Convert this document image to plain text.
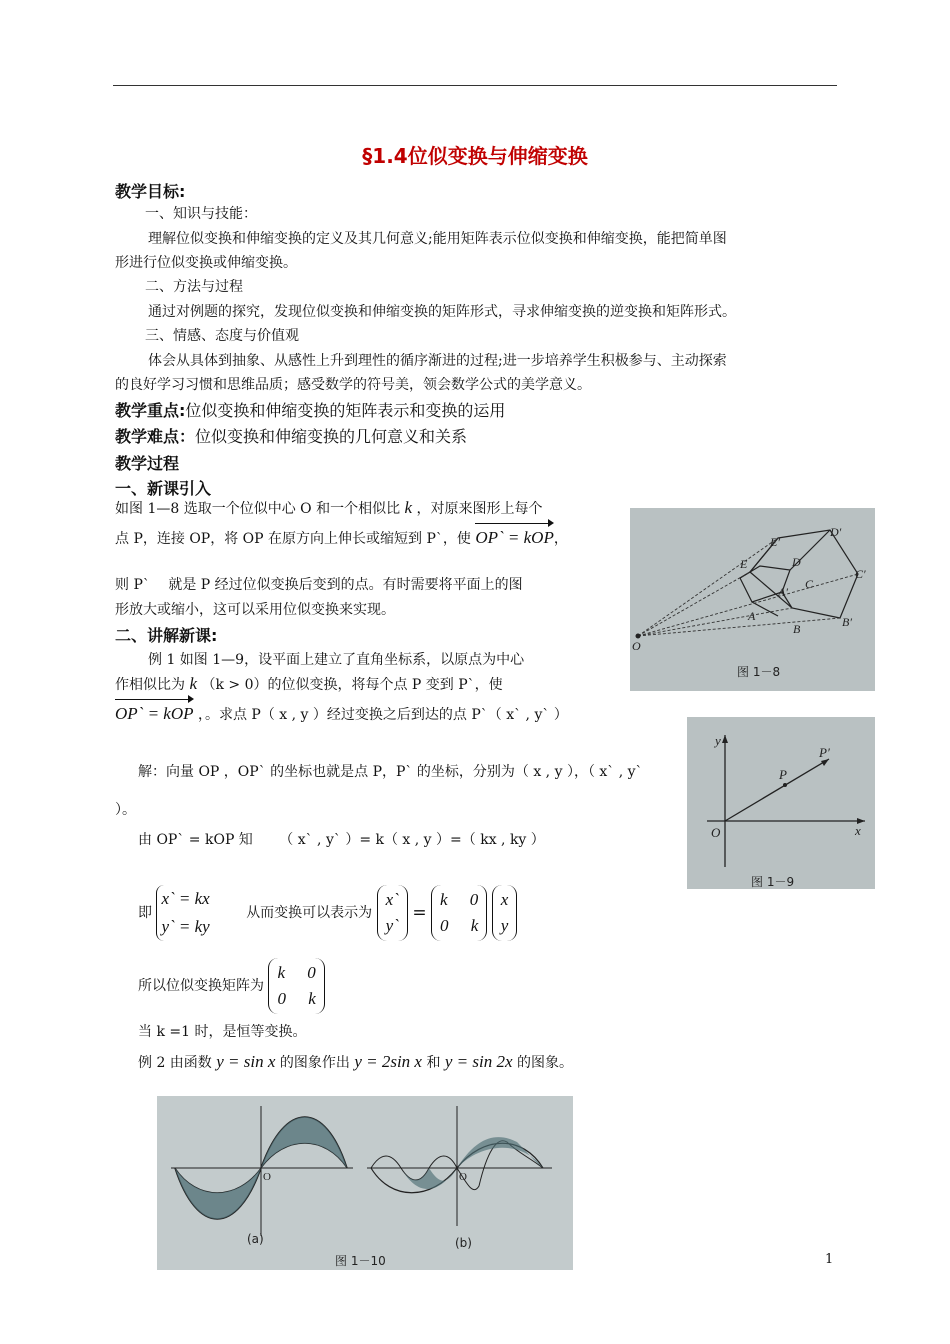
§1.4位似变换与伸缩变换
教学目标:
一、知识与技能：
理解位似变换和伸缩变换的定义及其几何意义;能用矩阵表示位似变换和伸缩变换，能把简单图
形进行位似变换或伸缩变换。
二、方法与过程
通过对例题的探究，发现位似变换和伸缩变换的矩阵形式，寻求伸缩变换的逆变换和矩阵形式。
三、情感、态度与价值观
体会从具体到抽象、从感性上升到理性的循序渐进的过程;进一步培养学生积极参与、主动探索
的良好学习习惯和思维品质；感受数学的符号美，领会数学公式的美学意义。
教学重点:位似变换和伸缩变换的矩阵表示和变换的运用
教学难点：位似变换和伸缩变换的几何意义和关系
教学过程
一、新课引入
如图 1—8 选取一个位似中心 O 和一个相似比 k ，对原来图形上每个
点 P，连接 OP，将 OP 在原方向上伸长或缩短到 P`，使 OP` = kOP，
则 P`　 就是 P 经过位似变换后变到的点。有时需要将平面上的图
形放大或缩小，这可以采用位似变换来实现。
O
A
B
C
D
E
A′
B′
C′
D′
E′
图 1－8
二、讲解新课:
例 1 如图 1—9，设平面上建立了直角坐标系，以原点为中心
作相似比为 k （k > 0）的位似变换，将每个点 P 变到 P`，使
OP` = kOP ，。求点 P（ x , y ）经过变换之后到达的点 P`（ x` , y` ）
O	x
y
P
P′
图 1－9
解：向量 OP ，OP` 的坐标也就是点 P，P` 的坐标，分别为（ x , y ），（ x` , y`
）。
由 OP` = kOP 知 （ x` , y` ）= k（ x , y ）=（ kx , ky ）
即
x` = kx
y` = ky
从而变换可以表示为
x`
y`
=
k 0
0 k

x
y
所以位似变换矩阵为
k 0
0 k
当 k =1 时，是恒等变换。
例 2 由函数 y = sin x 的图象作出 y = 2sin x 和 y = sin 2x 的图象。
O	O
(a)	(b)
图 1－10	1
